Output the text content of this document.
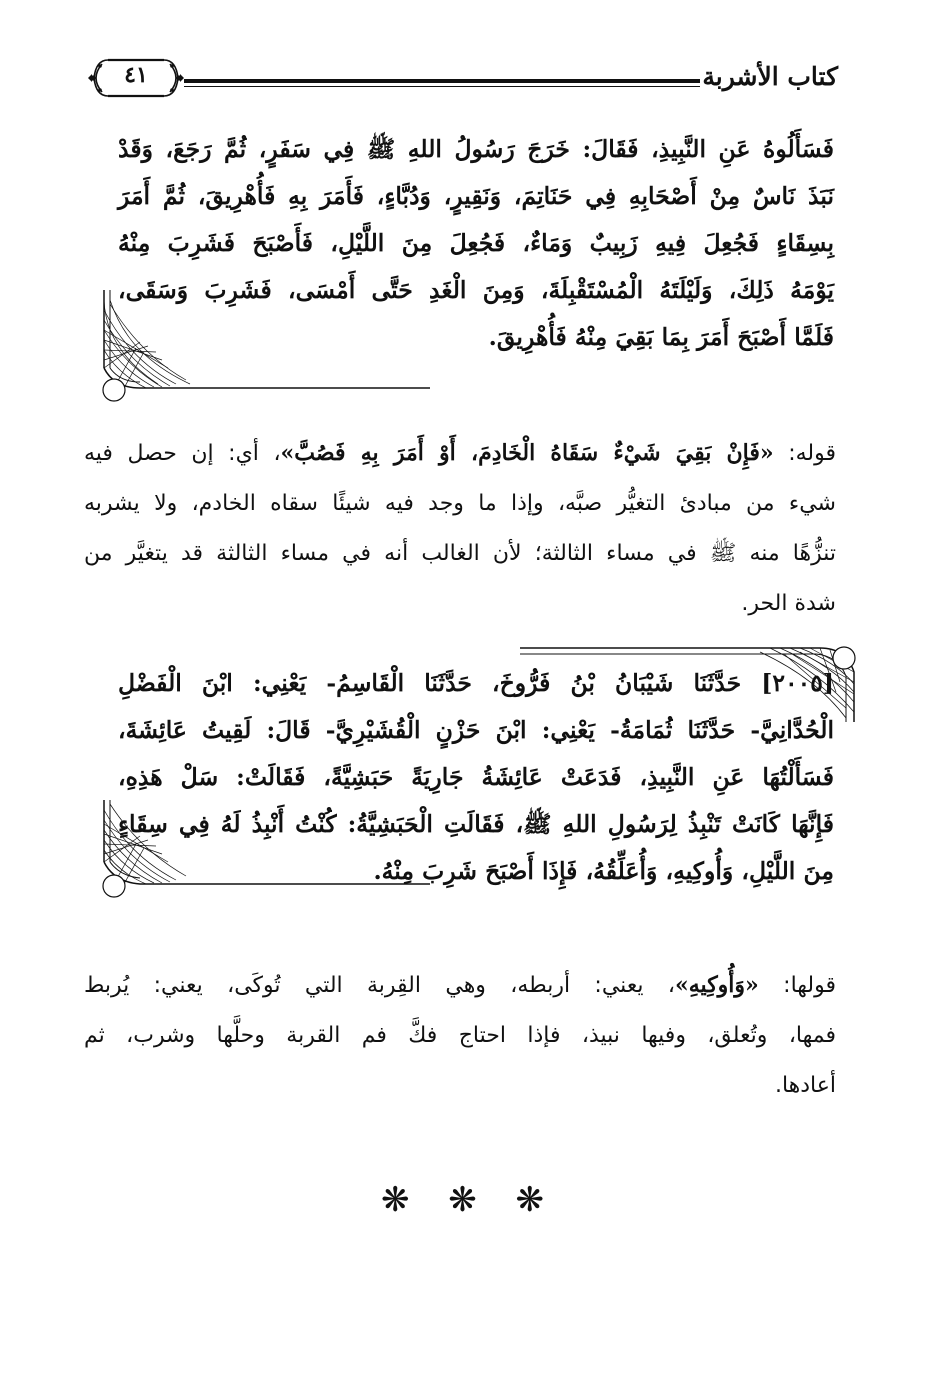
كتاب الأشربة
٤١
فَسَأَلُوهُ عَنِ النَّبِيذِ، فَقَالَ: خَرَجَ رَسُولُ اللهِ ﷺ فِي سَفَرٍ، ثُمَّ رَجَعَ، وَقَدْ
نَبَذَ نَاسٌ مِنْ أَصْحَابِهِ فِي حَنَاتِمَ، وَنَقِيرٍ، وَدُبَّاءٍ، فَأَمَرَ بِهِ فَأُهْرِيقَ، ثُمَّ أَمَرَ
بِسِقَاءٍ فَجُعِلَ فِيهِ زَبِيبٌ وَمَاءٌ، فَجُعِلَ مِنَ اللَّيْلِ، فَأَصْبَحَ فَشَرِبَ مِنْهُ
يَوْمَهُ ذَلِكَ، وَلَيْلَتَهُ الْمُسْتَقْبِلَةَ، وَمِنَ الْغَدِ حَتَّى أَمْسَى، فَشَرِبَ وَسَقَى،
فَلَمَّا أَصْبَحَ أَمَرَ بِمَا بَقِيَ مِنْهُ فَأُهْرِيقَ.
قوله: «فَإِنْ بَقِيَ شَيْءٌ سَقَاهُ الْخَادِمَ، أَوْ أَمَرَ بِهِ فَصُبَّ»، أي: إن حصل فيه
شيء من مبادئ التغيُّر صبَّه، وإذا ما وجد فيه شيئًا سقاه الخادم، ولا يشربه
تنزُّهًا منه ﷺ في مساء الثالثة؛ لأن الغالب أنه في مساء الثالثة قد يتغيَّر من
شدة الحر.
[٢٠٠٥] حَدَّثَنَا شَيْبَانُ بْنُ فَرُّوخَ، حَدَّثَنَا الْقَاسِمُ- يَعْنِي: ابْنَ الْفَضْلِ
الْحُدَّانِيَّ- حَدَّثَنَا ثُمَامَةُ- يَعْنِي: ابْنَ حَزْنٍ الْقُشَيْرِيَّ- قَالَ: لَقِيتُ عَائِشَةَ،
فَسَأَلْتُهَا عَنِ النَّبِيذِ، فَدَعَتْ عَائِشَةُ جَارِيَةً حَبَشِيَّةً، فَقَالَتْ: سَلْ هَذِهِ،
فَإِنَّهَا كَانَتْ تَنْبِذُ لِرَسُولِ اللهِ ﷺ، فَقَالَتِ الْحَبَشِيَّةُ: كُنْتُ أَنْبِذُ لَهُ فِي سِقَاءٍ
مِنَ اللَّيْلِ، وَأُوكِيهِ، وَأُعَلِّقُهُ، فَإِذَا أَصْبَحَ شَرِبَ مِنْهُ.
قولها: «وَأُوكِيهِ»، يعني: أربطه، وهي القِربة التي تُوكَى، يعني: يُربط
فمها، وتُعلق، وفيها نبيذ، فإذا احتاج فكَّ فم القربة وحلَّها وشرب، ثم
أعادها.
❋ ❋ ❋
